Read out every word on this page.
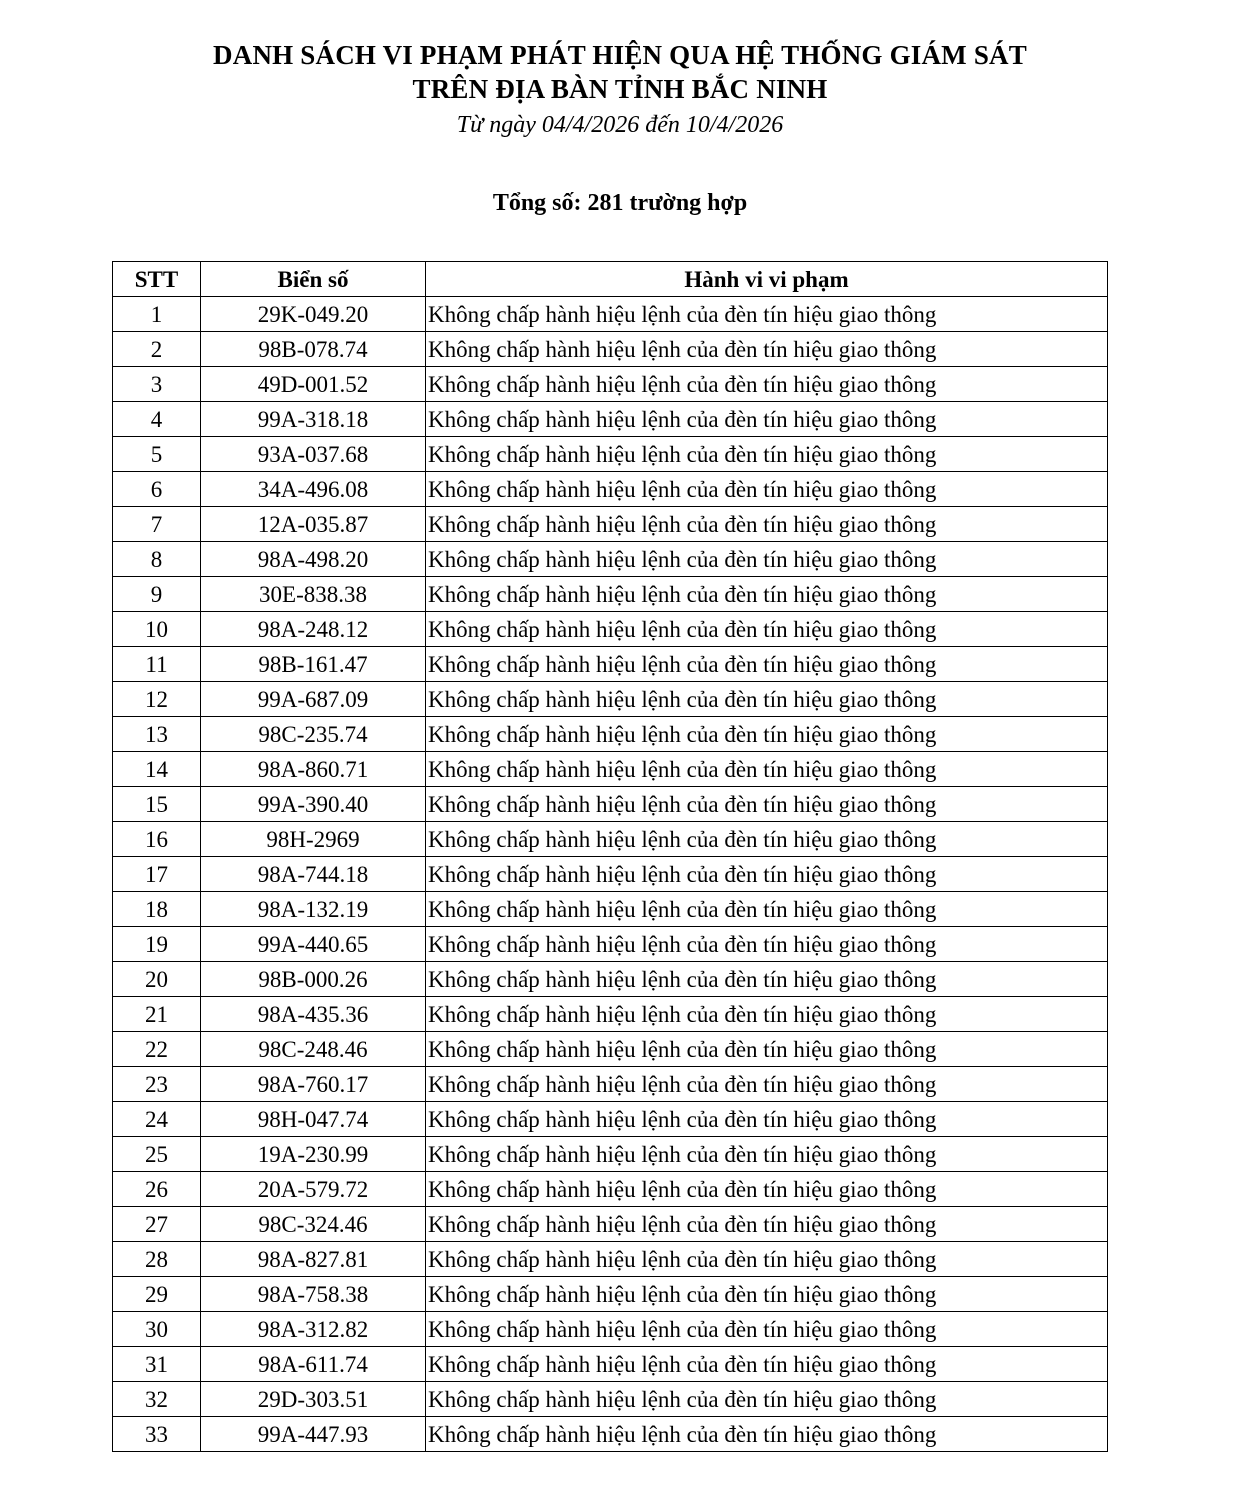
DANH SÁCH VI PHẠM PHÁT HIỆN QUA HỆ THỐNG GIÁM SÁT
TRÊN ĐỊA BÀN TỈNH BẮC NINH
Từ ngày 04/4/2026 đến 10/4/2026
Tổng số: 281 trường hợp
STT	Biển số	Hành vi vi phạm
1	29K-049.20	Không chấp hành hiệu lệnh của đèn tín hiệu giao thông
2	98B-078.74	Không chấp hành hiệu lệnh của đèn tín hiệu giao thông
3	49D-001.52	Không chấp hành hiệu lệnh của đèn tín hiệu giao thông
4	99A-318.18	Không chấp hành hiệu lệnh của đèn tín hiệu giao thông
5	93A-037.68	Không chấp hành hiệu lệnh của đèn tín hiệu giao thông
6	34A-496.08	Không chấp hành hiệu lệnh của đèn tín hiệu giao thông
7	12A-035.87	Không chấp hành hiệu lệnh của đèn tín hiệu giao thông
8	98A-498.20	Không chấp hành hiệu lệnh của đèn tín hiệu giao thông
9	30E-838.38	Không chấp hành hiệu lệnh của đèn tín hiệu giao thông
10	98A-248.12	Không chấp hành hiệu lệnh của đèn tín hiệu giao thông
11	98B-161.47	Không chấp hành hiệu lệnh của đèn tín hiệu giao thông
12	99A-687.09	Không chấp hành hiệu lệnh của đèn tín hiệu giao thông
13	98C-235.74	Không chấp hành hiệu lệnh của đèn tín hiệu giao thông
14	98A-860.71	Không chấp hành hiệu lệnh của đèn tín hiệu giao thông
15	99A-390.40	Không chấp hành hiệu lệnh của đèn tín hiệu giao thông
16	98H-2969	Không chấp hành hiệu lệnh của đèn tín hiệu giao thông
17	98A-744.18	Không chấp hành hiệu lệnh của đèn tín hiệu giao thông
18	98A-132.19	Không chấp hành hiệu lệnh của đèn tín hiệu giao thông
19	99A-440.65	Không chấp hành hiệu lệnh của đèn tín hiệu giao thông
20	98B-000.26	Không chấp hành hiệu lệnh của đèn tín hiệu giao thông
21	98A-435.36	Không chấp hành hiệu lệnh của đèn tín hiệu giao thông
22	98C-248.46	Không chấp hành hiệu lệnh của đèn tín hiệu giao thông
23	98A-760.17	Không chấp hành hiệu lệnh của đèn tín hiệu giao thông
24	98H-047.74	Không chấp hành hiệu lệnh của đèn tín hiệu giao thông
25	19A-230.99	Không chấp hành hiệu lệnh của đèn tín hiệu giao thông
26	20A-579.72	Không chấp hành hiệu lệnh của đèn tín hiệu giao thông
27	98C-324.46	Không chấp hành hiệu lệnh của đèn tín hiệu giao thông
28	98A-827.81	Không chấp hành hiệu lệnh của đèn tín hiệu giao thông
29	98A-758.38	Không chấp hành hiệu lệnh của đèn tín hiệu giao thông
30	98A-312.82	Không chấp hành hiệu lệnh của đèn tín hiệu giao thông
31	98A-611.74	Không chấp hành hiệu lệnh của đèn tín hiệu giao thông
32	29D-303.51	Không chấp hành hiệu lệnh của đèn tín hiệu giao thông
33	99A-447.93	Không chấp hành hiệu lệnh của đèn tín hiệu giao thông
